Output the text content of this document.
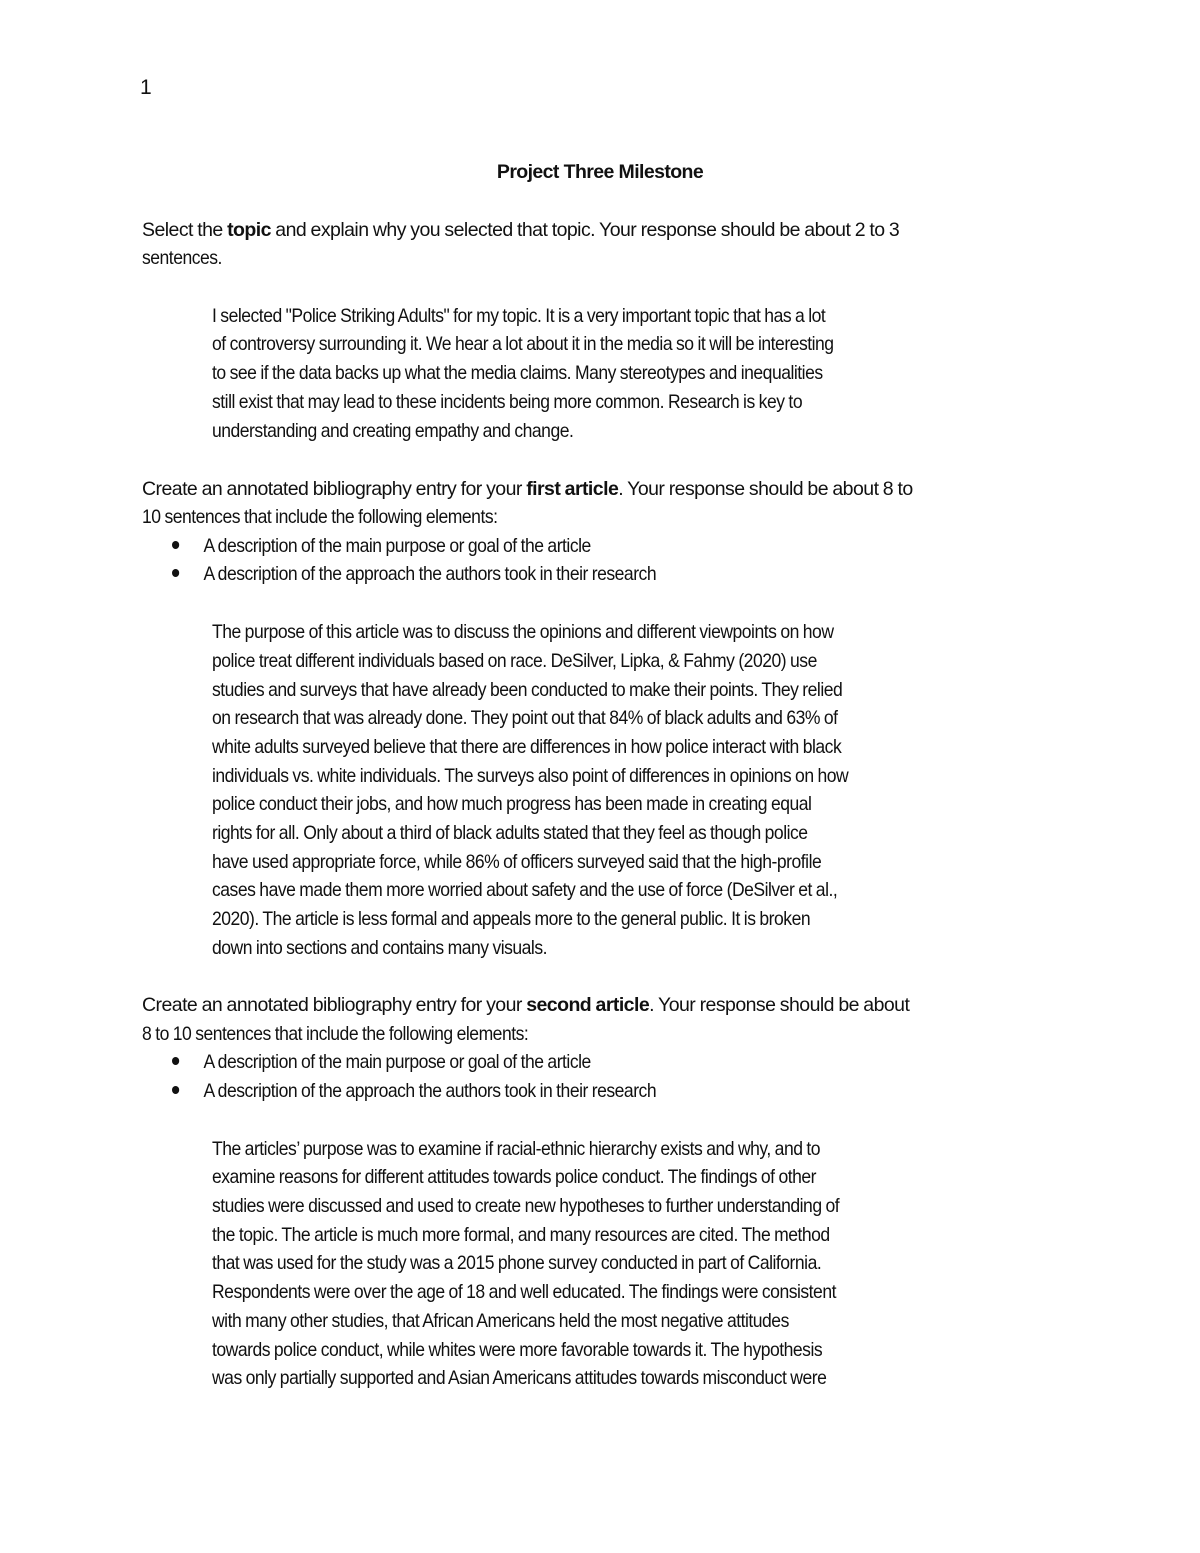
1
Project Three Milestone
Select the topic and explain why you selected that topic. Your response should be about 2 to 3
sentences.
I selected "Police Striking Adults" for my topic. It is a very important topic that has a lot
of controversy surrounding it. We hear a lot about it in the media so it will be interesting
to see if the data backs up what the media claims. Many stereotypes and inequalities
still exist that may lead to these incidents being more common. Research is key to
understanding and creating empathy and change.
Create an annotated bibliography entry for your first article. Your response should be about 8 to
10 sentences that include the following elements:
A description of the main purpose or goal of the article
A description of the approach the authors took in their research
The purpose of this article was to discuss the opinions and different viewpoints on how
police treat different individuals based on race. DeSilver, Lipka, & Fahmy (2020) use
studies and surveys that have already been conducted to make their points. They relied
on research that was already done. They point out that 84% of black adults and 63% of
white adults surveyed believe that there are differences in how police interact with black
individuals vs. white individuals. The surveys also point of differences in opinions on how
police conduct their jobs, and how much progress has been made in creating equal
rights for all. Only about a third of black adults stated that they feel as though police
have used appropriate force, while 86% of officers surveyed said that the high-profile
cases have made them more worried about safety and the use of force (DeSilver et al.,
2020). The article is less formal and appeals more to the general public. It is broken
down into sections and contains many visuals.
Create an annotated bibliography entry for your second article. Your response should be about
8 to 10 sentences that include the following elements:
A description of the main purpose or goal of the article
A description of the approach the authors took in their research
The articles’ purpose was to examine if racial-ethnic hierarchy exists and why, and to
examine reasons for different attitudes towards police conduct. The findings of other
studies were discussed and used to create new hypotheses to further understanding of
the topic. The article is much more formal, and many resources are cited. The method
that was used for the study was a 2015 phone survey conducted in part of California.
Respondents were over the age of 18 and well educated. The findings were consistent
with many other studies, that African Americans held the most negative attitudes
towards police conduct, while whites were more favorable towards it. The hypothesis
was only partially supported and Asian Americans attitudes towards misconduct were
